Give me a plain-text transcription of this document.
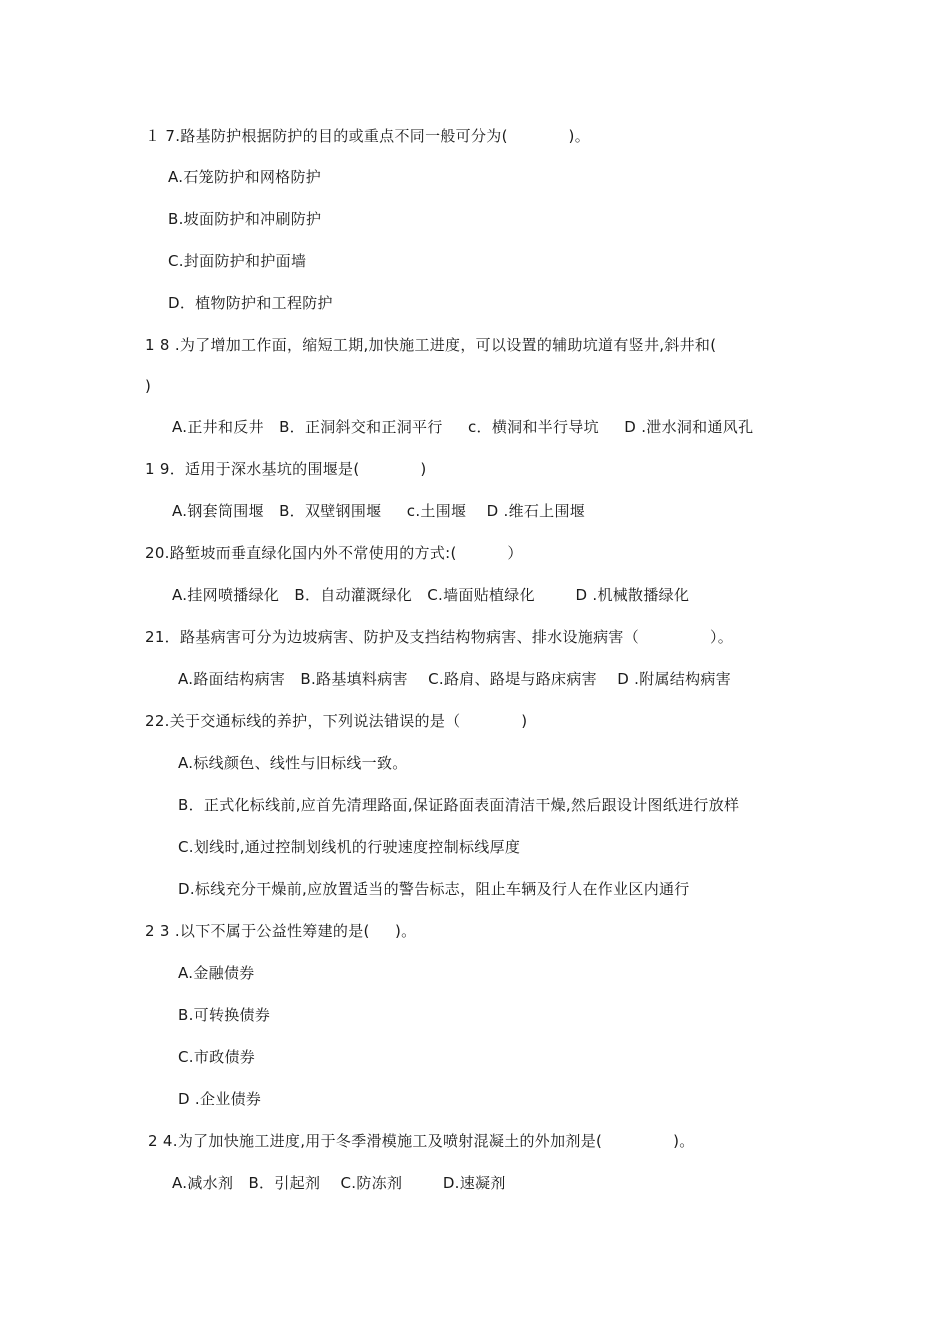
１ 7.路基防护根据防护的目的或重点不同一般可分为(            )。
A.石笼防护和网格防护
B.坡面防护和冲刷防护
C.封面防护和护面墙
D．植物防护和工程防护
1 8 .为了增加工作面，缩短工期,加快施工进度，可以设置的辅助坑道有竖井,斜井和(
)
A.正井和反井   B．正洞斜交和正洞平行     c．横洞和半行导坑     D .泄水洞和通风孔
1 9．适用于深水基坑的围堰是(            )
A.钢套筒围堰   B．双壁钢围堰     c.土围堰    D .维石上围堰
20.路堑坡而垂直绿化国内外不常使用的方式:(          ）
A.挂网喷播绿化   B．自动灌溉绿化   C.墙面贴植绿化        D .机械散播绿化
21．路基病害可分为边坡病害、防护及支挡结构物病害、排水设施病害（              ）。
A.路面结构病害   B.路基填料病害    C.路肩、路堤与路床病害    D .附属结构病害
22.关于交通标线的养护，下列说法错误的是（            )
A.标线颜色、线性与旧标线一致。
B．正式化标线前,应首先清理路面,保证路面表面清洁干燥,然后跟设计图纸进行放样
C.划线时,通过控制划线机的行驶速度控制标线厚度
D.标线充分干燥前,应放置适当的警告标志，阻止车辆及行人在作业区内通行
2 3 .以下不属于公益性筹建的是(     )。
A.金融债券
B.可转换债券
C.市政债券
D .企业债券
2 4.为了加快施工进度,用于冬季滑模施工及喷射混凝土的外加剂是(              )。
A.减水剂   B．引起剂    C.防冻剂        D.速凝剂
